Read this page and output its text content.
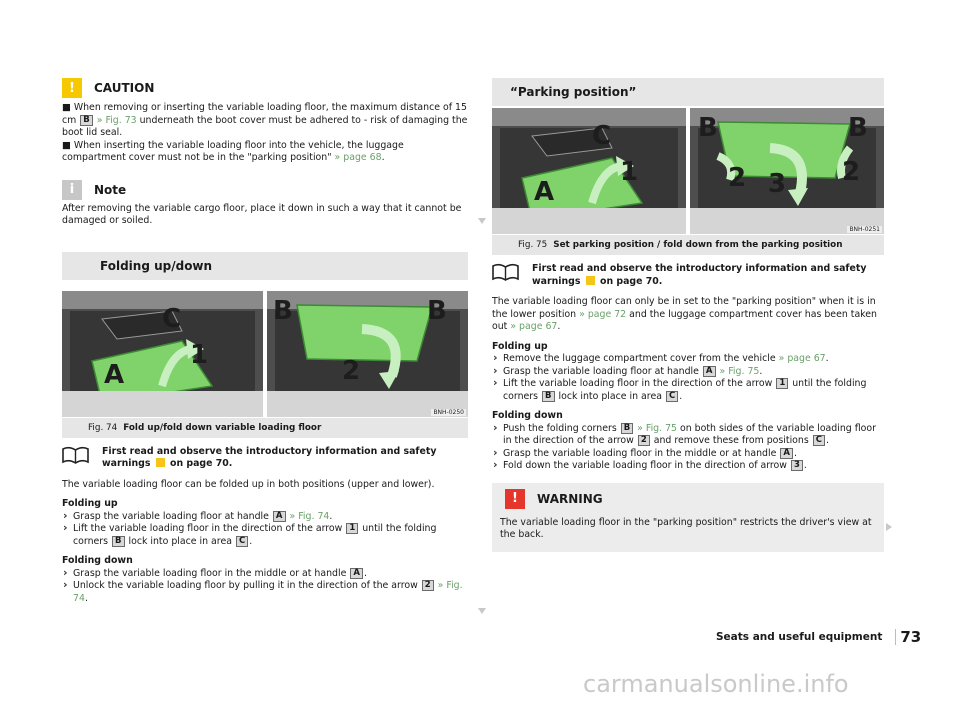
!	CAUTION

■ When removing or inserting the variable loading floor, the maximum distance of 15 cm B » Fig. 73 underneath the boot cover must be adhered to - risk of damaging the boot lid seal.

■ When inserting the variable loading floor into the vehicle, the luggage compartment cover must not be in the "parking position" » page 68.

i	Note

After removing the variable cargo floor, place it down in such a way that it cannot be damaged or soiled.

Folding up/down
C
1
A
B	B
2
BNH-0250
Fig. 74 Fold up/fold down variable loading floor
First read and observe the introductory information and safety warnings on page 70.

The variable loading floor can be folded up in both positions (upper and lower).

Folding up

› Grasp the variable loading floor at handle A » Fig. 74.
› Lift the variable loading floor in the direction of the arrow 1 until the folding corners B lock into place in area C .

Folding down

› Grasp the variable loading floor in the middle or at handle A .
› Unlock the variable loading floor by pulling it in the direction of the arrow 2 » Fig. 74.
“Parking position”
C
1
A
B	B
2 3 2
BNH-0251
Fig. 75 Set parking position / fold down from the parking position
First read and observe the introductory information and safety warnings on page 70.

The variable loading floor can only be in set to the "parking position" when it is in the lower position » page 72 and the luggage compartment cover has been taken out » page 67.

Folding up

› Remove the luggage compartment cover from the vehicle » page 67.
› Grasp the variable loading floor at handle A » Fig. 75.
› Lift the variable loading floor in the direction of the arrow 1 until the folding corners B lock into place in area C .

Folding down

› Push the folding corners B » Fig. 75 on both sides of the variable loading floor in the direction of the arrow 2 and remove these from positions C .
› Grasp the variable loading floor in the middle or at handle A .
› Fold down the variable loading floor in the direction of arrow 3 .
!	WARNING

The variable loading floor in the "parking position" restricts the driver's view at the back.

Seats and useful equipment 73
carmanualsonline.info
